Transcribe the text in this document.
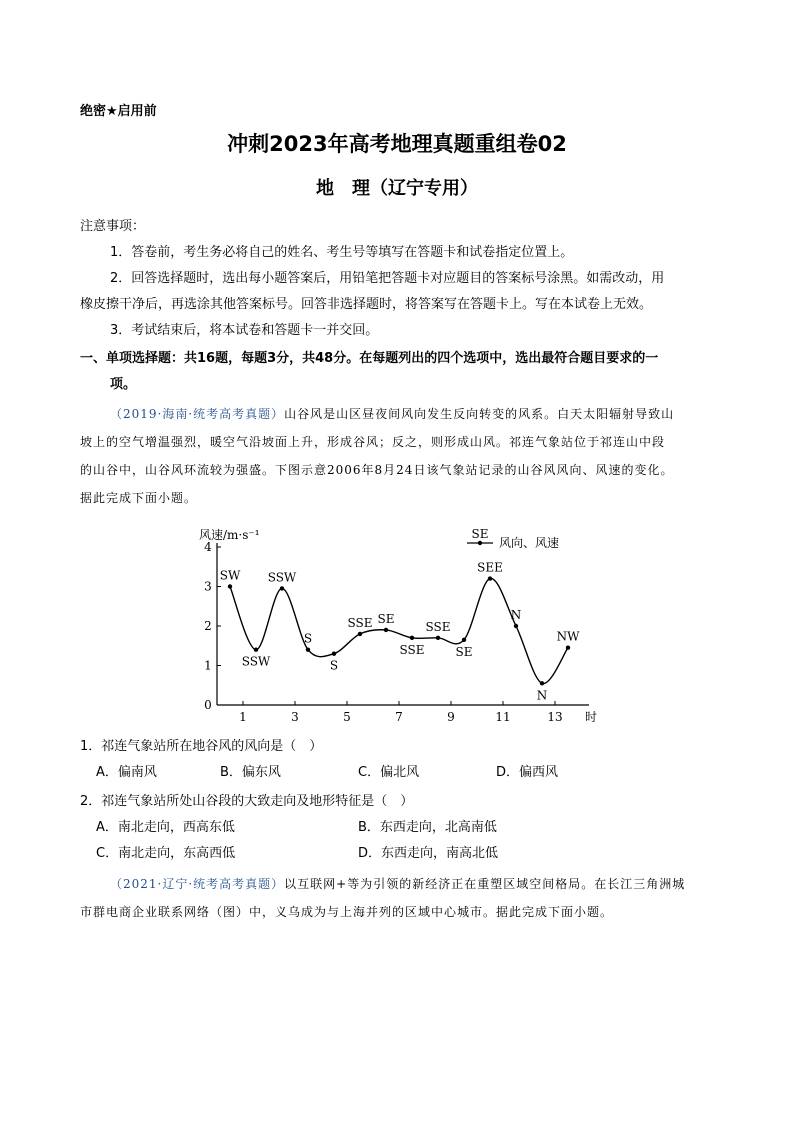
绝密★启用前
冲刺2023年高考地理真题重组卷02
地　理（辽宁专用）
注意事项：
1．答卷前，考生务必将自己的姓名、考生号等填写在答题卡和试卷指定位置上。
2．回答选择题时，选出每小题答案后，用铅笔把答题卡对应题目的答案标号涂黑。如需改动，用
橡皮擦干净后，再选涂其他答案标号。回答非选择题时，将答案写在答题卡上。写在本试卷上无效。
3．考试结束后，将本试卷和答题卡一并交回。
一、单项选择题：共16题，每题3分，共48分。在每题列出的四个选项中，选出最符合题目要求的一
项。
（2019·海南·统考高考真题）山谷风是山区昼夜间风向发生反向转变的风系。白天太阳辐射导致山
坡上的空气增温强烈，暖空气沿坡面上升，形成谷风；反之，则形成山风。祁连气象站位于祁连山中段
的山谷中，山谷风环流较为强盛。下图示意2006年8月24日该气象站记录的山谷风风向、风速的变化。
据此完成下面小题。
0
1
2
3
4
1	3	5	7	9	11	13
风速/m·s⁻¹
时
SW
SSW
SSW
S
S
SSE SE
SSE
SSE
SE
SEE
N
N
NW
SE
风向、风速
1．祁连气象站所在地谷风的风向是（　）
A．偏南风	B．偏东风	C．偏北风	D．偏西风
2．祁连气象站所处山谷段的大致走向及地形特征是（　）
A．南北走向，西高东低	B．东西走向，北高南低
C．南北走向，东高西低	D．东西走向，南高北低
（2021·辽宁·统考高考真题）以互联网+等为引领的新经济正在重塑区域空间格局。在长江三角洲城
市群电商企业联系网络（图）中，义乌成为与上海并列的区域中心城市。据此完成下面小题。
